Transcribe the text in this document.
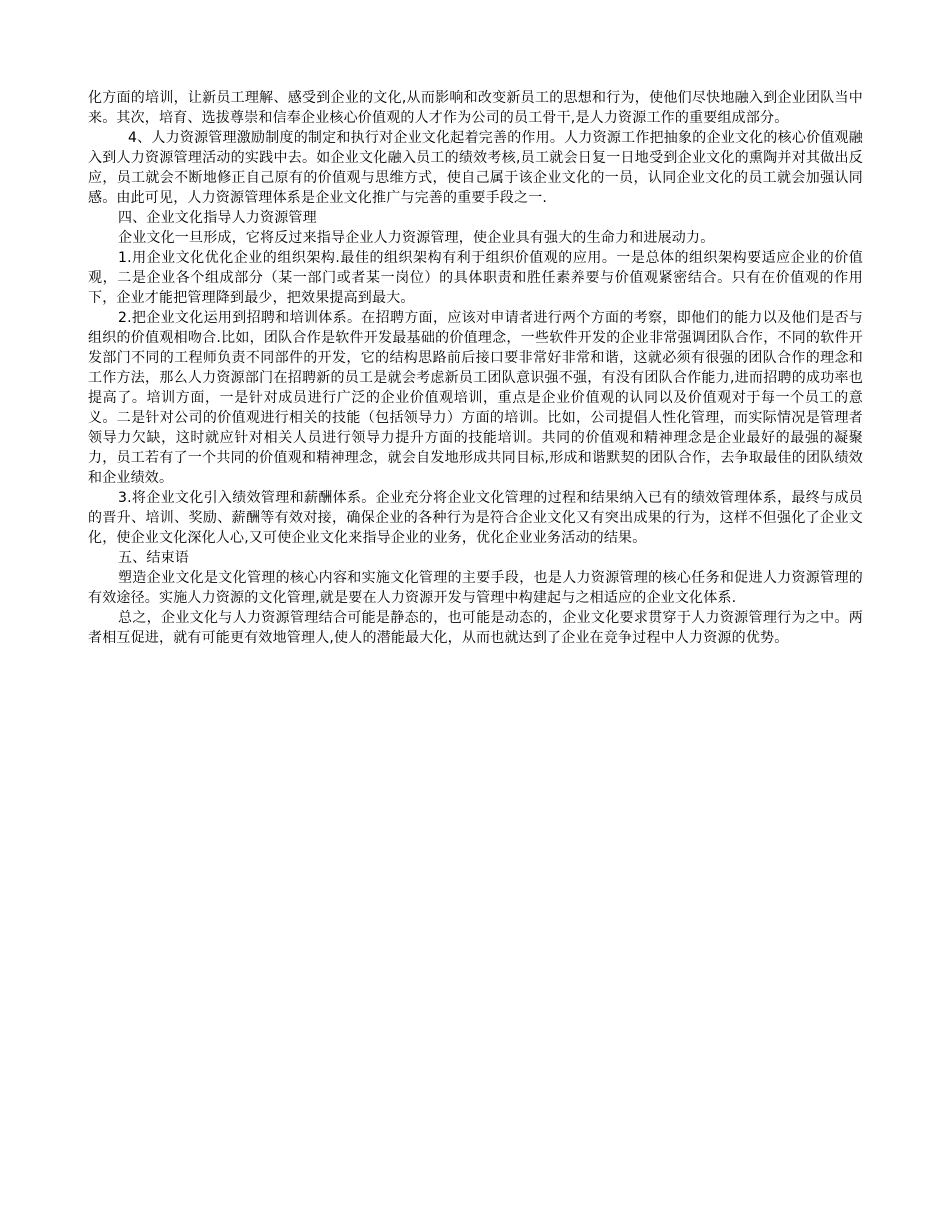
化方面的培训，让新员工理解、感受到企业的文化,从而影响和改变新员工的思想和行为，使他们尽快地融入到企业团队当中来。其次，培育、选拔尊崇和信奉企业核心价值观的人才作为公司的员工骨干,是人力资源工作的重要组成部分。

4、人力资源管理激励制度的制定和执行对企业文化起着完善的作用。人力资源工作把抽象的企业文化的核心价值观融入到人力资源管理活动的实践中去。如企业文化融入员工的绩效考核,员工就会日复一日地受到企业文化的熏陶并对其做出反应，员工就会不断地修正自己原有的价值观与思维方式，使自己属于该企业文化的一员，认同企业文化的员工就会加强认同感。由此可见，人力资源管理体系是企业文化推广与完善的重要手段之一.

四、企业文化指导人力资源管理

企业文化一旦形成，它将反过来指导企业人力资源管理，使企业具有强大的生命力和进展动力。

1.用企业文化优化企业的组织架构.最佳的组织架构有利于组织价值观的应用。一是总体的组织架构要适应企业的价值观，二是企业各个组成部分（某一部门或者某一岗位）的具体职责和胜任素养要与价值观紧密结合。只有在价值观的作用下，企业才能把管理降到最少，把效果提高到最大。

2.把企业文化运用到招聘和培训体系。在招聘方面，应该对申请者进行两个方面的考察，即他们的能力以及他们是否与组织的价值观相吻合.比如，团队合作是软件开发最基础的价值理念，一些软件开发的企业非常强调团队合作，不同的软件开发部门不同的工程师负责不同部件的开发，它的结构思路前后接口要非常好非常和谐，这就必须有很强的团队合作的理念和工作方法，那么人力资源部门在招聘新的员工是就会考虑新员工团队意识强不强，有没有团队合作能力,进而招聘的成功率也提高了。培训方面，一是针对成员进行广泛的企业价值观培训，重点是企业价值观的认同以及价值观对于每一个员工的意义。二是针对公司的价值观进行相关的技能（包括领导力）方面的培训。比如，公司提倡人性化管理，而实际情况是管理者领导力欠缺，这时就应针对相关人员进行领导力提升方面的技能培训。共同的价值观和精神理念是企业最好的最强的凝聚力，员工若有了一个共同的价值观和精神理念，就会自发地形成共同目标,形成和谐默契的团队合作，去争取最佳的团队绩效和企业绩效。

3.将企业文化引入绩效管理和薪酬体系。企业充分将企业文化管理的过程和结果纳入已有的绩效管理体系，最终与成员的晋升、培训、奖励、薪酬等有效对接，确保企业的各种行为是符合企业文化又有突出成果的行为，这样不但强化了企业文化，使企业文化深化人心,又可使企业文化来指导企业的业务，优化企业业务活动的结果。

五、结束语

塑造企业文化是文化管理的核心内容和实施文化管理的主要手段，也是人力资源管理的核心任务和促进人力资源管理的有效途径。实施人力资源的文化管理,就是要在人力资源开发与管理中构建起与之相适应的企业文化体系.

总之，企业文化与人力资源管理结合可能是静态的，也可能是动态的，企业文化要求贯穿于人力资源管理行为之中。两者相互促进，就有可能更有效地管理人,使人的潜能最大化，从而也就达到了企业在竞争过程中人力资源的优势。
